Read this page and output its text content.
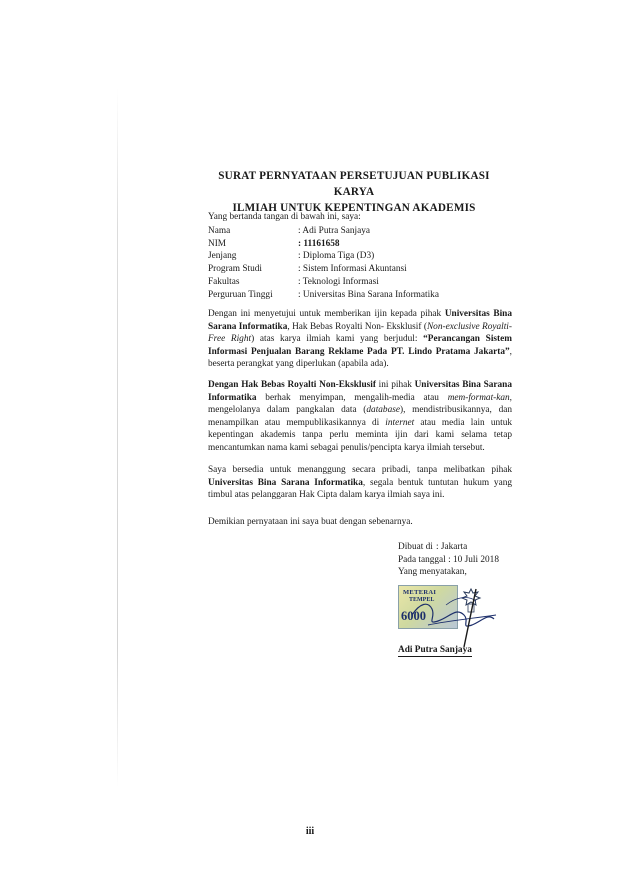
SURAT PERNYATAAN PERSETUJUAN PUBLIKASI KARYA
ILMIAH UNTUK KEPENTINGAN AKADEMIS
Yang bertanda tangan di bawah ini, saya:
Nama	: Adi Putra Sanjaya
NIM	: 11161658
Jenjang	: Diploma Tiga (D3)
Program Studi	: Sistem Informasi Akuntansi
Fakultas	: Teknologi Informasi
Perguruan Tinggi	: Universitas Bina Sarana Informatika

Dengan ini menyetujui untuk memberikan ijin kepada pihak Universitas Bina Sarana Informatika, Hak Bebas Royalti Non- Eksklusif (Non-exclusive Royalti-Free Right) atas karya ilmiah kami yang berjudul: “Perancangan Sistem Informasi Penjualan Barang Reklame Pada PT. Lindo Pratama Jakarta”, beserta perangkat yang diperlukan (apabila ada).

Dengan Hak Bebas Royalti Non-Eksklusif ini pihak Universitas Bina Sarana Informatika berhak menyimpan, mengalih-media atau mem-format-kan, mengelolanya dalam pangkalan data (database), mendistribusikannya, dan menampilkan atau mempublikasikannya di internet atau media lain untuk kepentingan akademis tanpa perlu meminta ijin dari kami selama tetap mencantumkan nama kami sebagai penulis/pencipta karya ilmiah tersebut.

Saya bersedia untuk menanggung secara pribadi, tanpa melibatkan pihak Universitas Bina Sarana Informatika, segala bentuk tuntutan hukum yang timbul atas pelanggaran Hak Cipta dalam karya ilmiah saya ini.

Demikian pernyataan ini saya buat dengan sebenarnya.

Dibuat di : Jakarta
Pada tanggal
: 10 Juli 2018
Yang menyatakan,
METERAI
TEMPEL
6000
Adi Putra Sanjaya
iii
